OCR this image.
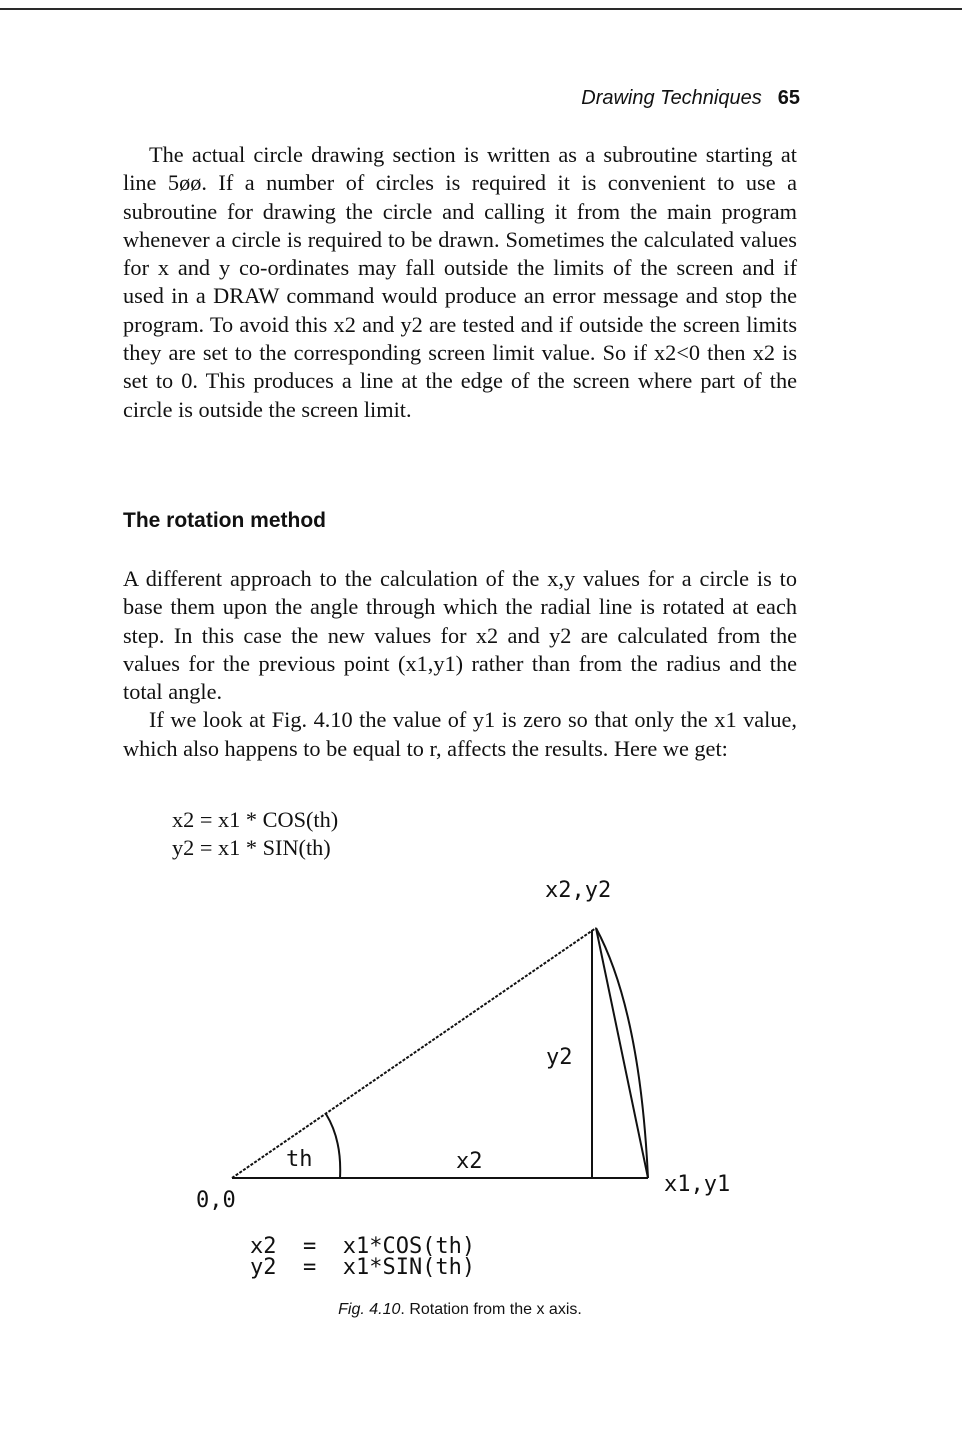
Drawing Techniques 65

The actual circle drawing section is written as a subroutine starting at line 5øø. If a number of circles is required it is convenient to use a subroutine for drawing the circle and calling it from the main program whenever a circle is required to be drawn. Sometimes the calculated values for x and y co-ordinates may fall outside the limits of the screen and if used in a DRAW command would produce an error message and stop the program. To avoid this x2 and y2 are tested and if outside the screen limits they are set to the corresponding screen limit value. So if x2<0 then x2 is set to 0. This produces a line at the edge of the screen where part of the circle is outside the screen limit.

The rotation method

A different approach to the calculation of the x,y values for a circle is to base them upon the angle through which the radial line is rotated at each step. In this case the new values for x2 and y2 are calculated from the values for the previous point (x1,y1) rather than from the radius and the total angle.

If we look at Fig. 4.10 the value of y1 is zero so that only the x1 value, which also happens to be equal to r, affects the results. Here we get:

x2 = x1 * COS(th)
y2 = x1 * SIN(th)
x2,y2
0,0
x1,y1
y2
x2
th
x2  =  x1*COS(th)
y2  =  x1*SIN(th)
Fig. 4.10. Rotation from the x axis.
